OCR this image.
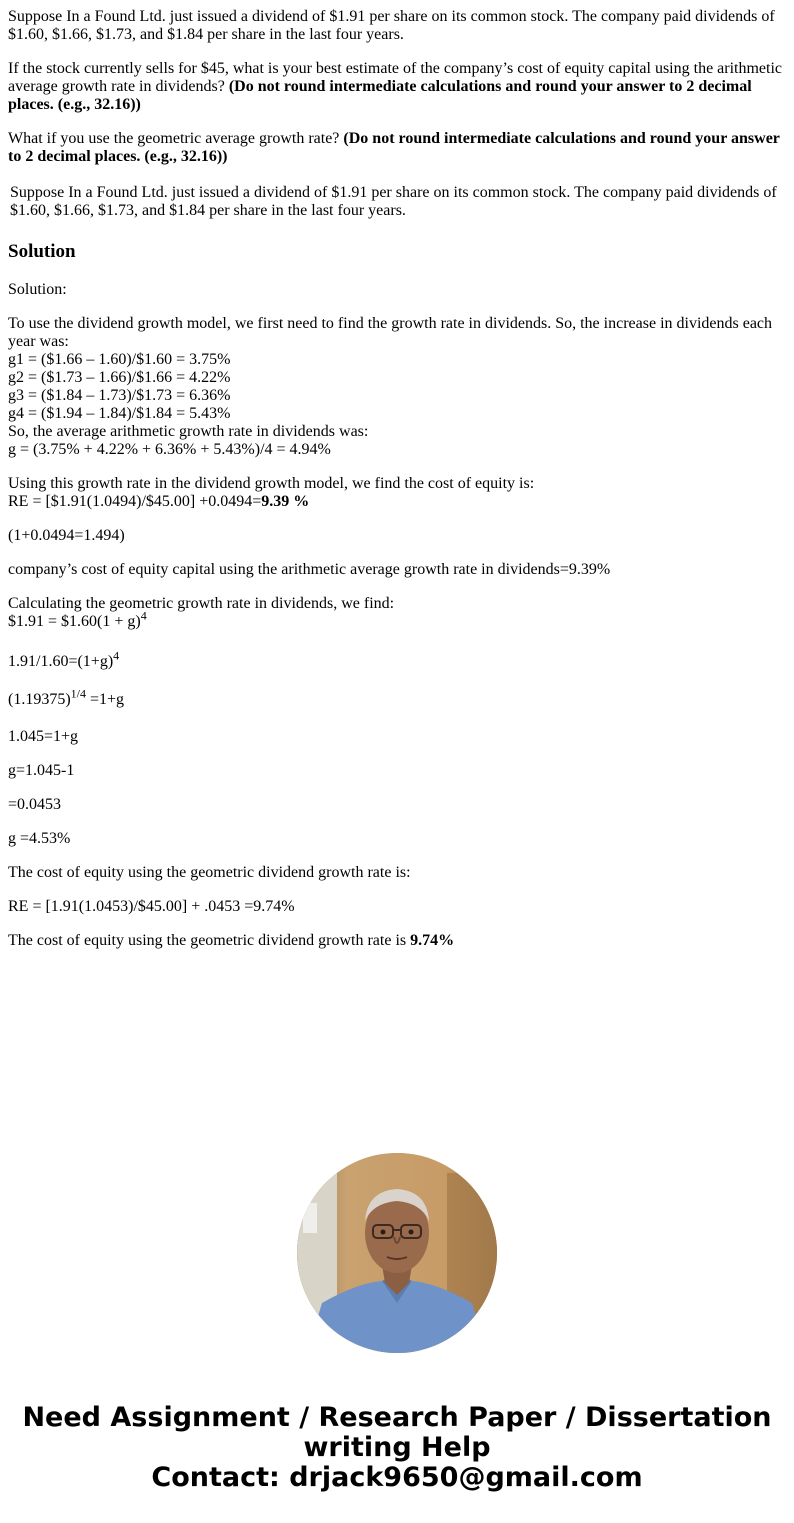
Suppose In a Found Ltd. just issued a dividend of $1.91 per share on its common stock. The company paid dividends of $1.60, $1.66, $1.73, and $1.84 per share in the last four years.

If the stock currently sells for $45, what is your best estimate of the company’s cost of equity capital using the arithmetic average growth rate in dividends? (Do not round intermediate calculations and round your answer to 2 decimal places. (e.g., 32.16))

What if you use the geometric average growth rate? (Do not round intermediate calculations and round your answer to 2 decimal places. (e.g., 32.16))

Suppose In a Found Ltd. just issued a dividend of $1.91 per share on its common stock. The company paid dividends of $1.60, $1.66, $1.73, and $1.84 per share in the last four years.

Solution

Solution:

To use the dividend growth model, we first need to find the growth rate in dividends. So, the increase in dividends each year was:
g1 = ($1.66 – 1.60)/$1.60 = 3.75%
g2 = ($1.73 – 1.66)/$1.66 = 4.22%
g3 = ($1.84 – 1.73)/$1.73 = 6.36%
g4 = ($1.94 – 1.84)/$1.84 = 5.43%
So, the average arithmetic growth rate in dividends was:
g = (3.75% + 4.22% + 6.36% + 5.43%)/4 = 4.94%
Using this growth rate in the dividend growth model, we find the cost of equity is:
RE = [$1.91(1.0494)/$45.00] +0.0494=9.39 %

(1+0.0494=1.494)

company’s cost of equity capital using the arithmetic average growth rate in dividends=9.39%

Calculating the geometric growth rate in dividends, we find:
$1.91 = $1.60(1 + g)$^4$

$1.91/1.60=(1+g)^4$

$(1.19375)^{1/4} =1+g$

1.045=1+g

g=1.045-1

=0.0453

g =4.53%

The cost of equity using the geometric dividend growth rate is:

RE = [1.91(1.0453)/$45.00] + .0453 =9.74%

The cost of equity using the geometric dividend growth rate is 9.74%

Need Assignment / Research Paper / Dissertation
writing Help
Contact: drjack9650@gmail.com
